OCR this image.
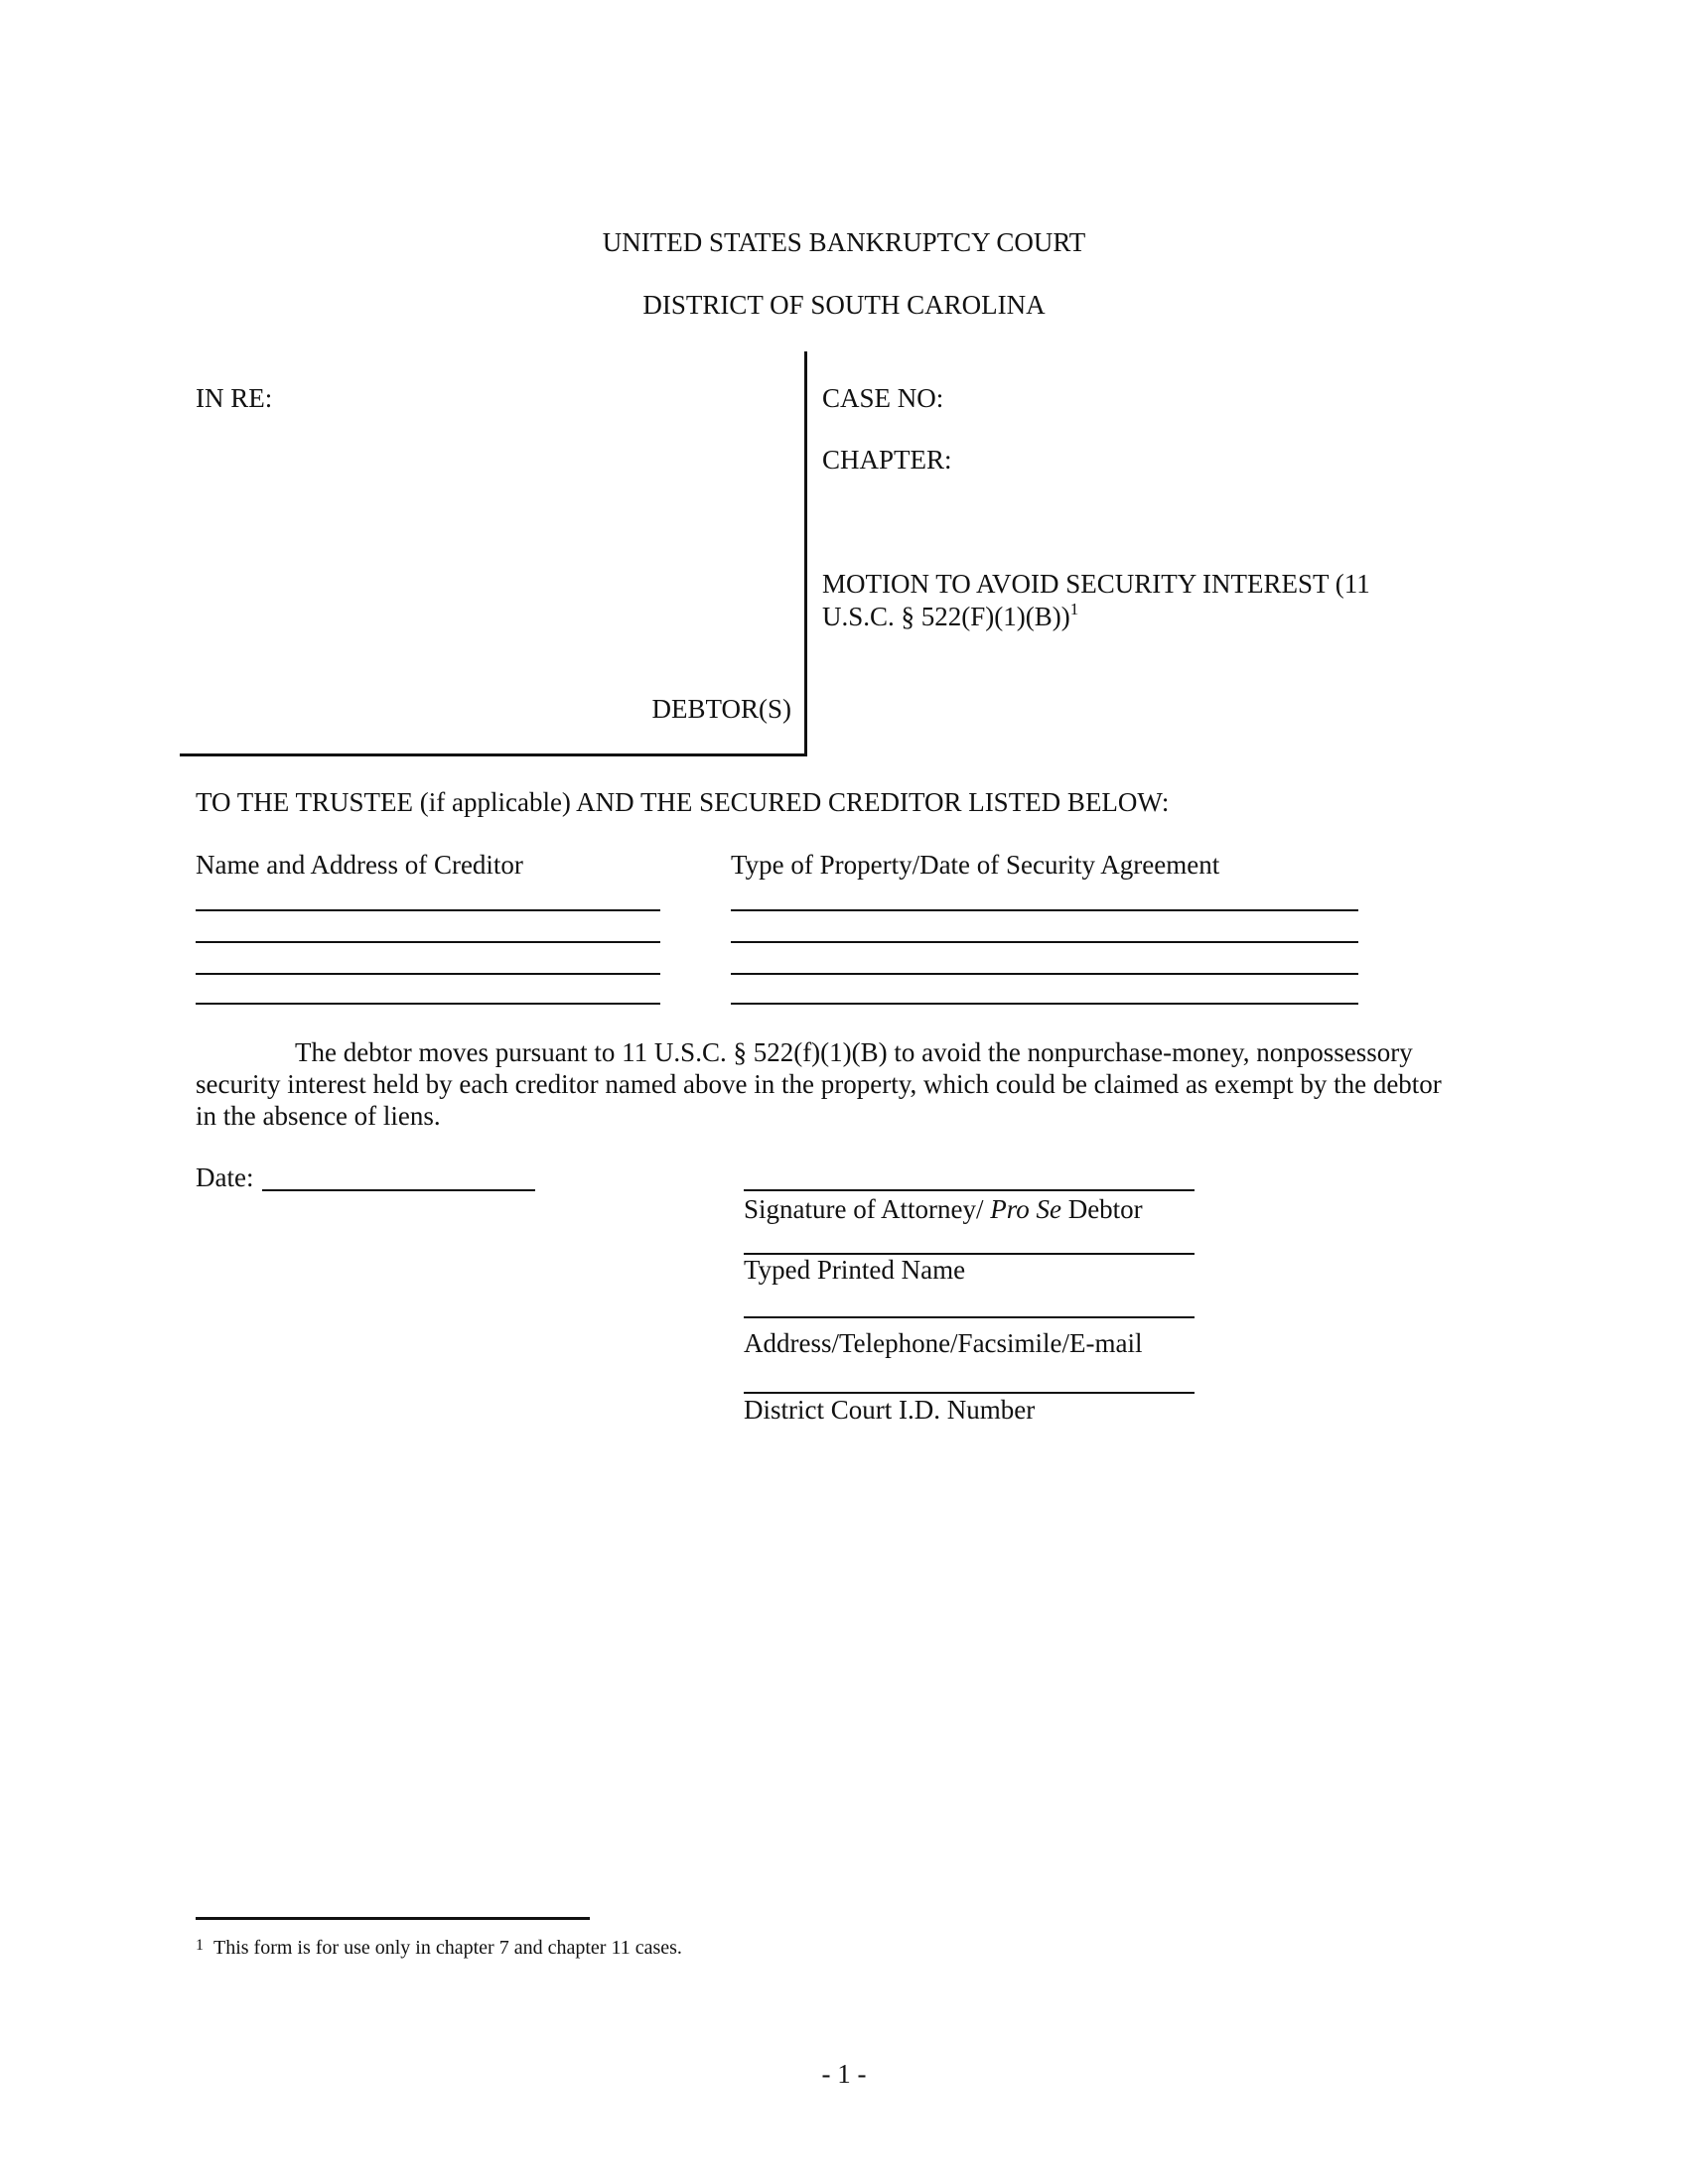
UNITED STATES BANKRUPTCY COURT
DISTRICT OF SOUTH CAROLINA
IN RE:
DEBTOR(S)
CASE NO:
CHAPTER:
MOTION TO AVOID SECURITY INTEREST (11
U.S.C. § 522(F)(1)(B))$^1$
TO THE TRUSTEE (if applicable) AND THE SECURED CREDITOR LISTED BELOW:
Name and Address of Creditor	Type of Property/Date of Security Agreement
The debtor moves pursuant to 11 U.S.C. § 522(f)(1)(B) to avoid the nonpurchase-money, nonpossessory
security interest held by each creditor named above in the property, which could be claimed as exempt by the debtor
in the absence of liens.
Date:
Signature of Attorney/ Pro Se Debtor
Typed Printed Name
Address/Telephone/Facsimile/E-mail
District Court I.D. Number
$^1$ This form is for use only in chapter 7 and chapter 11 cases.
- 1 -
